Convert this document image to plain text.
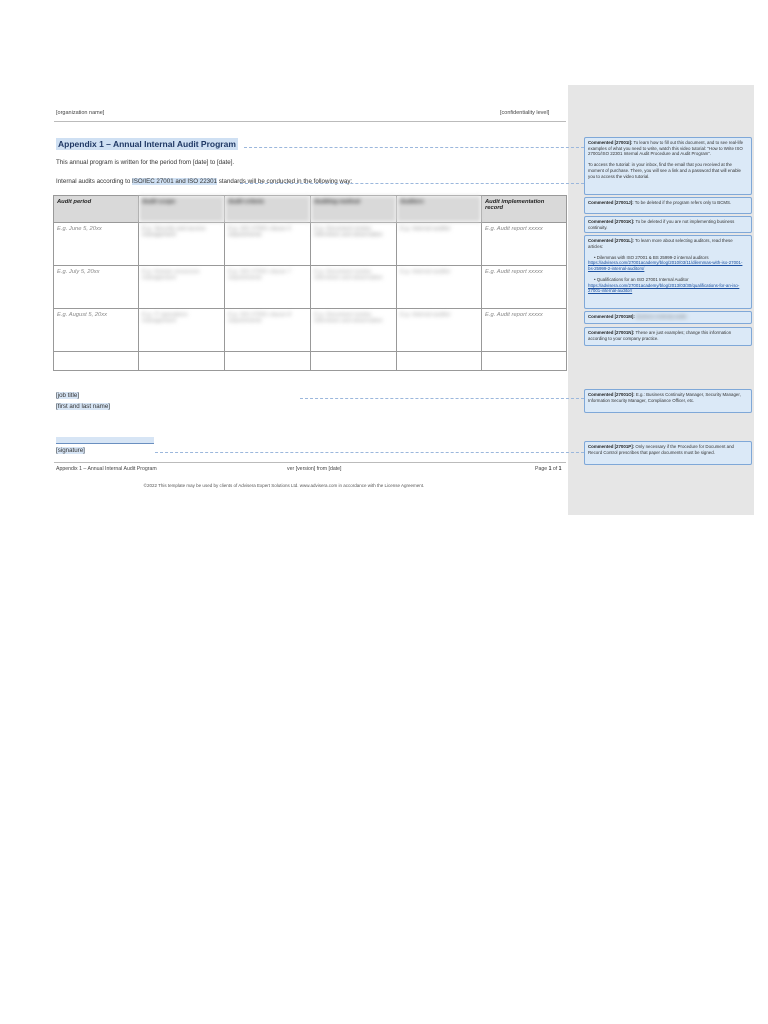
[organization name]	[confidentiality level]
Appendix 1 – Annual Internal Audit Program
This annual program is written for the period from [date] to [date].
Internal audits according to ISO/IEC 27001 and ISO 22301 standards will be conducted in the following way:
Audit period	Audit scope	Audit criteria	Auditing method	Auditors	Audit implementation record
E.g. June 5, 20xx	E.g. Security and access management	E.g. ISO 27001 clause 5 requirements	E.g. Document review, interviews and observation	E.g. Internal auditor	E.g. Audit report xxxxx
E.g. July 5, 20xx	E.g. Human resources management	E.g. ISO 27001 clause 7 requirements	E.g. Document review, interviews and observation	E.g. Internal auditor	E.g. Audit report xxxxx
E.g. August 5, 20xx	E.g. IT operations management	E.g. ISO 27001 clause 8 requirements	E.g. Document review, interviews and observation	E.g. Internal auditor	E.g. Audit report xxxxx

[job title]
[first and last name]
[signature]
Appendix 1 – Annual Internal Audit Program	ver [version] from [date]	Page 1 of 1
©2022 This template may be used by clients of Advisera Expert Solutions Ltd. www.advisera.com in accordance with the License Agreement.
Commented [27001I]: To learn how to fill out this document, and to see real-life examples of what you need to write, watch this video tutorial: "How to Write ISO 27001/ISO 22301 Internal Audit Procedure and Audit Program".

To access the tutorial: in your inbox, find the email that you received at the moment of purchase. There, you will see a link and a password that will enable you to access the video tutorial.
Commented [27001J]: To be deleted if the program refers only to BCMS.
Commented [27001K]: To be deleted if you are not implementing business continuity.
Commented [27001L]: To learn more about selecting auditors, read these articles:

• Dilemmas with ISO 27001 & BS 25999-2 internal auditors
https://advisera.com/27001academy/blog/2010/03/11/dilemmas-with-iso-27001-bs-25999-2-internal-auditors/

• Qualifications for an ISO 27001 Internal Auditor
https://advisera.com/27001academy/blog/2013/03/30/qualifications-for-an-iso-27001-internal-auditor/
Commented [27001M]: Business continuity audits
Commented [27001N]: These are just examples; change this information according to your company practice.
Commented [27001O]: E.g.: Business Continuity Manager, Security Manager, Information Security Manager, Compliance Officer, etc.
Commented [27001P]: Only necessary if the Procedure for Document and Record Control prescribes that paper documents must be signed.
